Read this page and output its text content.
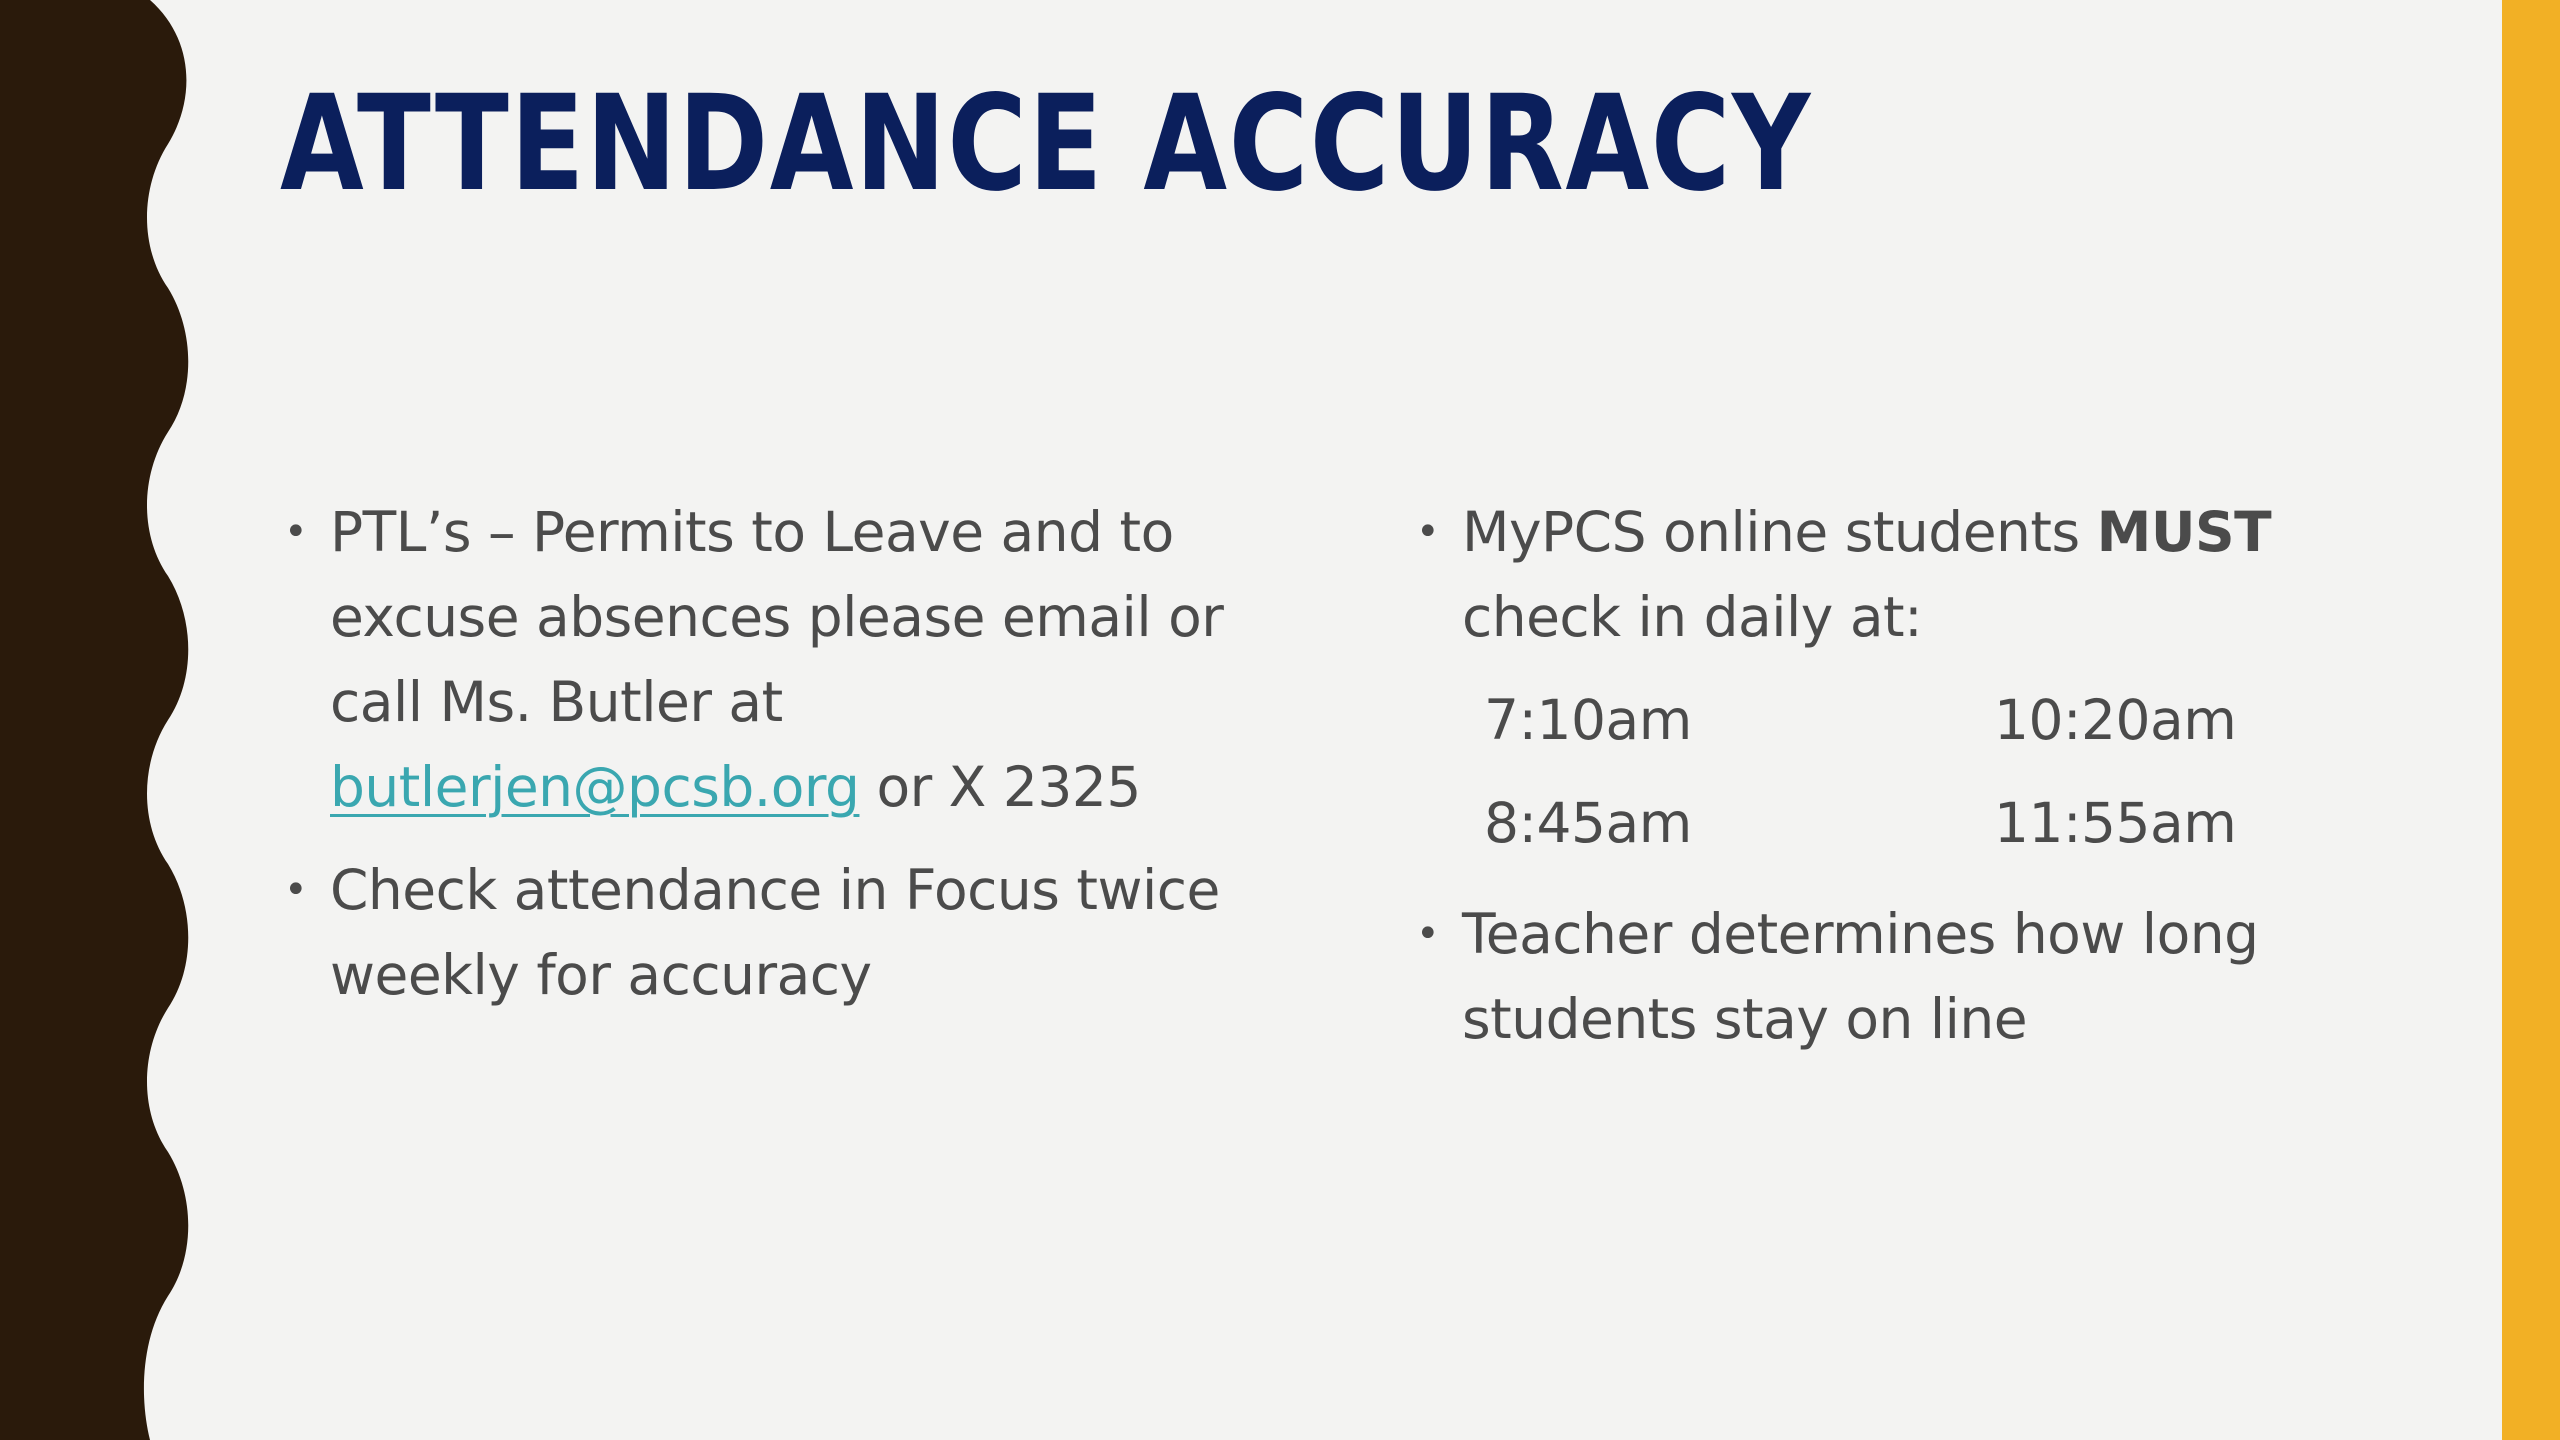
ATTENDANCE ACCURACY
• PTL’s – Permits to Leave and to excuse absences please email or call Ms. Butler at butlerjen@pcsb.org or X 2325
• Check attendance in Focus twice weekly for accuracy
• MyPCS online students MUST check in daily at:
7:10am	10:20am
8:45am	11:55am
• Teacher determines how long students stay on line
